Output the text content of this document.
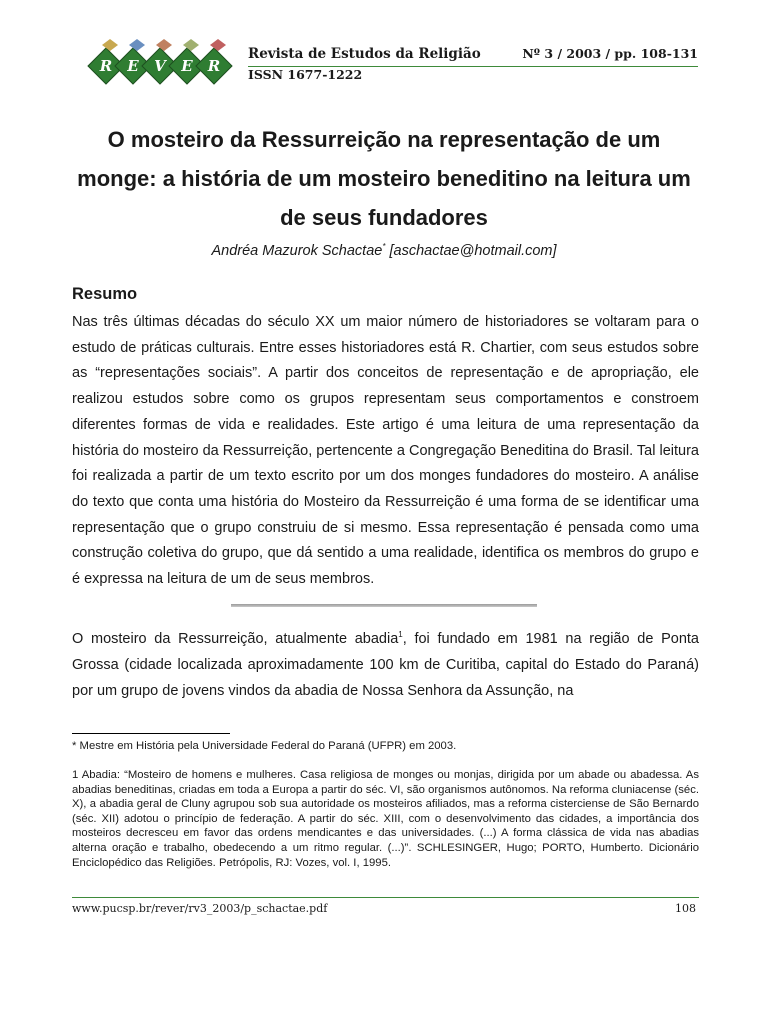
R E V E R
Revista de Estudos da Religião	Nº 3 / 2003 / pp. 108-131
ISSN 1677-1222
O mosteiro da Ressurreição na representação de um monge: a história de um mosteiro beneditino na leitura um de seus fundadores
Andréa Mazurok Schactae* [aschactae@hotmail.com]
Resumo

Nas três últimas décadas do século XX um maior número de historiadores se voltaram para o estudo de práticas culturais. Entre esses historiadores está R. Chartier, com seus estudos sobre as “representações sociais”. A partir dos conceitos de representação e de apropriação, ele realizou estudos sobre como os grupos representam seus comportamentos e constroem diferentes formas de vida e realidades. Este artigo é uma leitura de uma representação da história do mosteiro da Ressurreição, pertencente a Congregação Beneditina do Brasil. Tal leitura foi realizada a partir de um texto escrito por um dos monges fundadores do mosteiro. A análise do texto que conta uma história do Mosteiro da Ressurreição é uma forma de se identificar uma representação que o grupo construiu de si mesmo. Essa representação é pensada como uma construção coletiva do grupo, que dá sentido a uma realidade, identifica os membros do grupo e é expressa na leitura de um de seus membros.

O mosteiro da Ressurreição, atualmente abadia$^1$, foi fundado em 1981 na região de Ponta Grossa (cidade localizada aproximadamente 100 km de Curitiba, capital do Estado do Paraná) por um grupo de jovens vindos da abadia de Nossa Senhora da Assunção, na

* Mestre em História pela Universidade Federal do Paraná (UFPR) em 2003.

1 Abadia: “Mosteiro de homens e mulheres. Casa religiosa de monges ou monjas, dirigida por um abade ou abadessa. As abadias beneditinas, criadas em toda a Europa a partir do séc. VI, são organismos autônomos. Na reforma cluniacense (séc. X), a abadia geral de Cluny agrupou sob sua autoridade os mosteiros afiliados, mas a reforma cisterciense de São Bernardo (séc. XII) adotou o princípio de federação. A partir do séc. XIII, com o desenvolvimento das cidades, a importância dos mosteiros decresceu em favor das ordens mendicantes e das universidades. (...) A forma clássica de vida nas abadias alterna oração e trabalho, obedecendo a um ritmo regular. (...)”. SCHLESINGER, Hugo; PORTO, Humberto. Dicionário Enciclopédico das Religiões. Petrópolis, RJ: Vozes, vol. I, 1995.

www.pucsp.br/rever/rv3_2003/p_schactae.pdf	108
